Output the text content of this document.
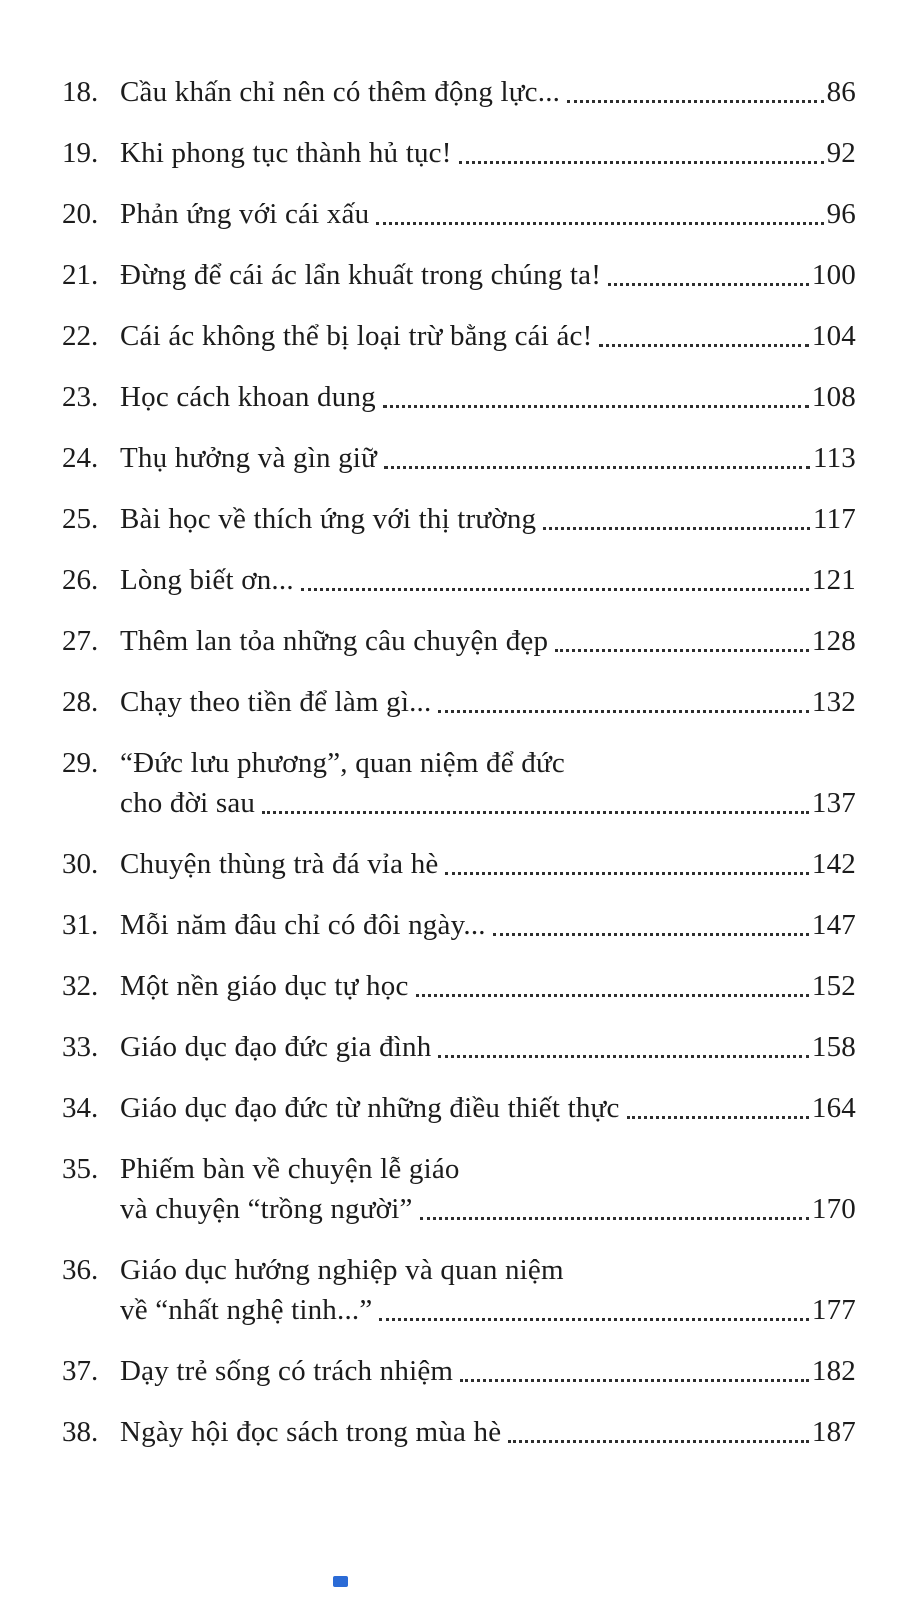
18. Cầu khấn chỉ nên có thêm động lực...	86
19. Khi phong tục thành hủ tục!	92
20. Phản ứng với cái xấu	96
21. Đừng để cái ác lẩn khuất trong chúng ta!	100
22. Cái ác không thể bị loại trừ bằng cái ác!	104
23. Học cách khoan dung	108
24. Thụ hưởng và gìn giữ	113
25. Bài học về thích ứng với thị trường	117
26. Lòng biết ơn...	121
27. Thêm lan tỏa những câu chuyện đẹp	128
28. Chạy theo tiền để làm gì...	132
29. “Đức lưu phương”, quan niệm để đức
cho đời sau	137
30. Chuyện thùng trà đá vỉa hè	142
31. Mỗi năm đâu chỉ có đôi ngày...	147
32. Một nền giáo dục tự học	152
33. Giáo dục đạo đức gia đình	158
34. Giáo dục đạo đức từ những điều thiết thực	164
35. Phiếm bàn về chuyện lễ giáo
và chuyện “trồng người”	170
36. Giáo dục hướng nghiệp và quan niệm
về “nhất nghệ tinh...”	177
37. Dạy trẻ sống có trách nhiệm	182
38. Ngày hội đọc sách trong mùa hè	187
